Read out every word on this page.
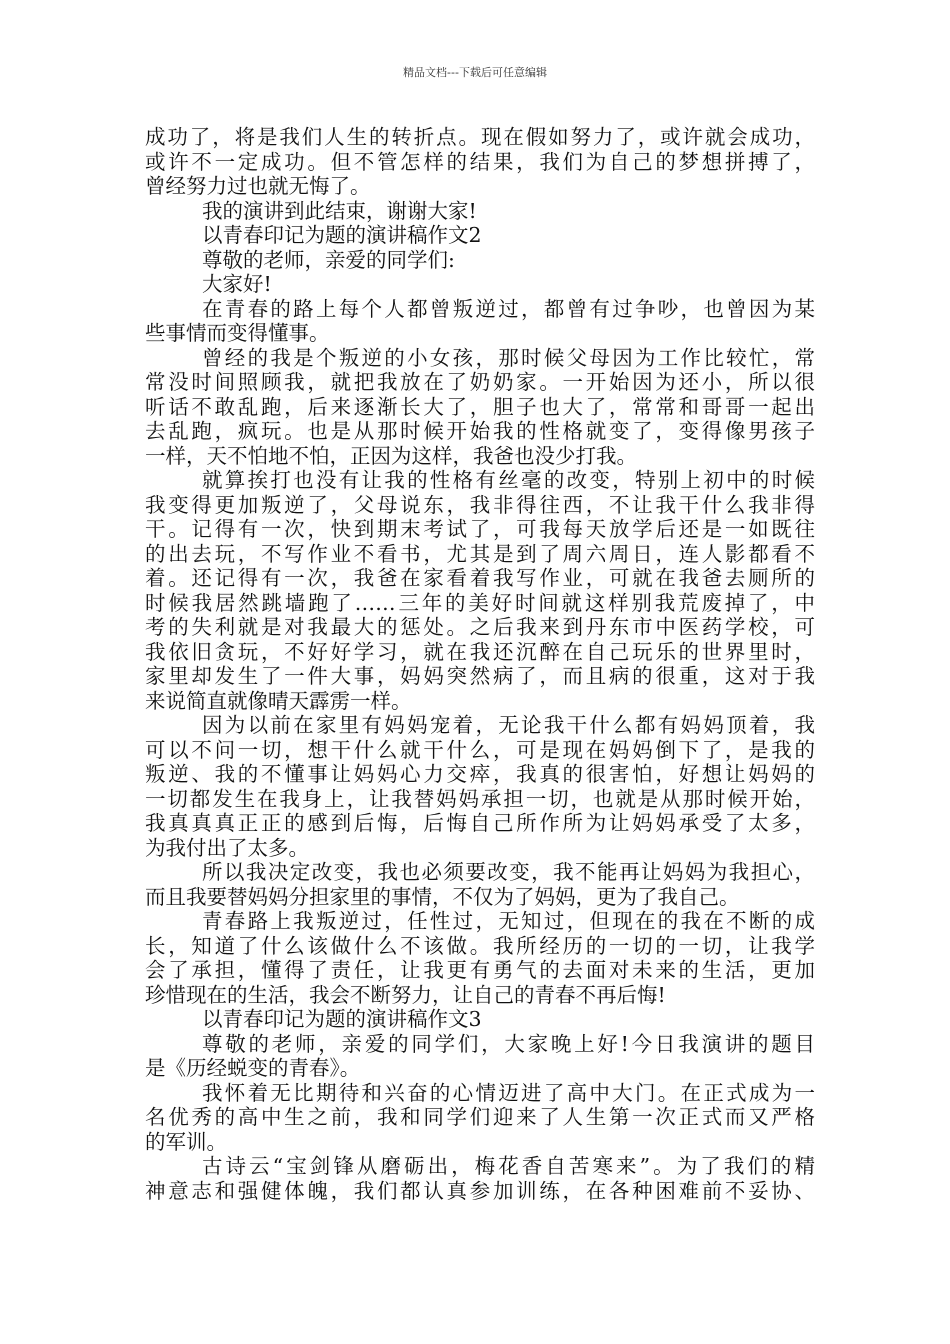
精品文档---下载后可任意编辑
成功了，将是我们人生的转折点。现在假如努力了，或许就会成功，
或许不一定成功。但不管怎样的结果，我们为自己的梦想拼搏了，
曾经努力过也就无悔了。
我的演讲到此结束，谢谢大家!
以青春印记为题的演讲稿作文2
尊敬的老师，亲爱的同学们:
大家好!
在青春的路上每个人都曾叛逆过，都曾有过争吵，也曾因为某
些事情而变得懂事。
曾经的我是个叛逆的小女孩，那时候父母因为工作比较忙，常
常没时间照顾我，就把我放在了奶奶家。一开始因为还小，所以很
听话不敢乱跑，后来逐渐长大了，胆子也大了，常常和哥哥一起出
去乱跑，疯玩。也是从那时候开始我的性格就变了，变得像男孩子
一样，天不怕地不怕，正因为这样，我爸也没少打我。
就算挨打也没有让我的性格有丝毫的改变，特别上初中的时候
我变得更加叛逆了，父母说东，我非得往西，不让我干什么我非得
干。记得有一次，快到期末考试了，可我每天放学后还是一如既往
的出去玩，不写作业不看书，尤其是到了周六周日，连人影都看不
着。还记得有一次，我爸在家看着我写作业，可就在我爸去厕所的
时候我居然跳墙跑了……三年的美好时间就这样别我荒废掉了，中
考的失利就是对我最大的惩处。之后我来到丹东市中医药学校，可
我依旧贪玩，不好好学习，就在我还沉醉在自己玩乐的世界里时，
家里却发生了一件大事，妈妈突然病了，而且病的很重，这对于我
来说简直就像晴天霹雳一样。
因为以前在家里有妈妈宠着，无论我干什么都有妈妈顶着，我
可以不问一切，想干什么就干什么，可是现在妈妈倒下了，是我的
叛逆、我的不懂事让妈妈心力交瘁，我真的很害怕，好想让妈妈的
一切都发生在我身上，让我替妈妈承担一切，也就是从那时候开始，
我真真真正正的感到后悔，后悔自己所作所为让妈妈承受了太多，
为我付出了太多。
所以我决定改变，我也必须要改变，我不能再让妈妈为我担心，
而且我要替妈妈分担家里的事情，不仅为了妈妈，更为了我自己。
青春路上我叛逆过，任性过，无知过，但现在的我在不断的成
长，知道了什么该做什么不该做。我所经历的一切的一切，让我学
会了承担，懂得了责任，让我更有勇气的去面对未来的生活，更加
珍惜现在的生活，我会不断努力，让自己的青春不再后悔!
以青春印记为题的演讲稿作文3
尊敬的老师，亲爱的同学们，大家晚上好!今日我演讲的题目
是《历经蜕变的青春》。
我怀着无比期待和兴奋的心情迈进了高中大门。在正式成为一
名优秀的高中生之前，我和同学们迎来了人生第一次正式而又严格
的军训。
古诗云“宝剑锋从磨砺出，梅花香自苦寒来”。为了我们的精
神意志和强健体魄，我们都认真参加训练，在各种困难前不妥协、
